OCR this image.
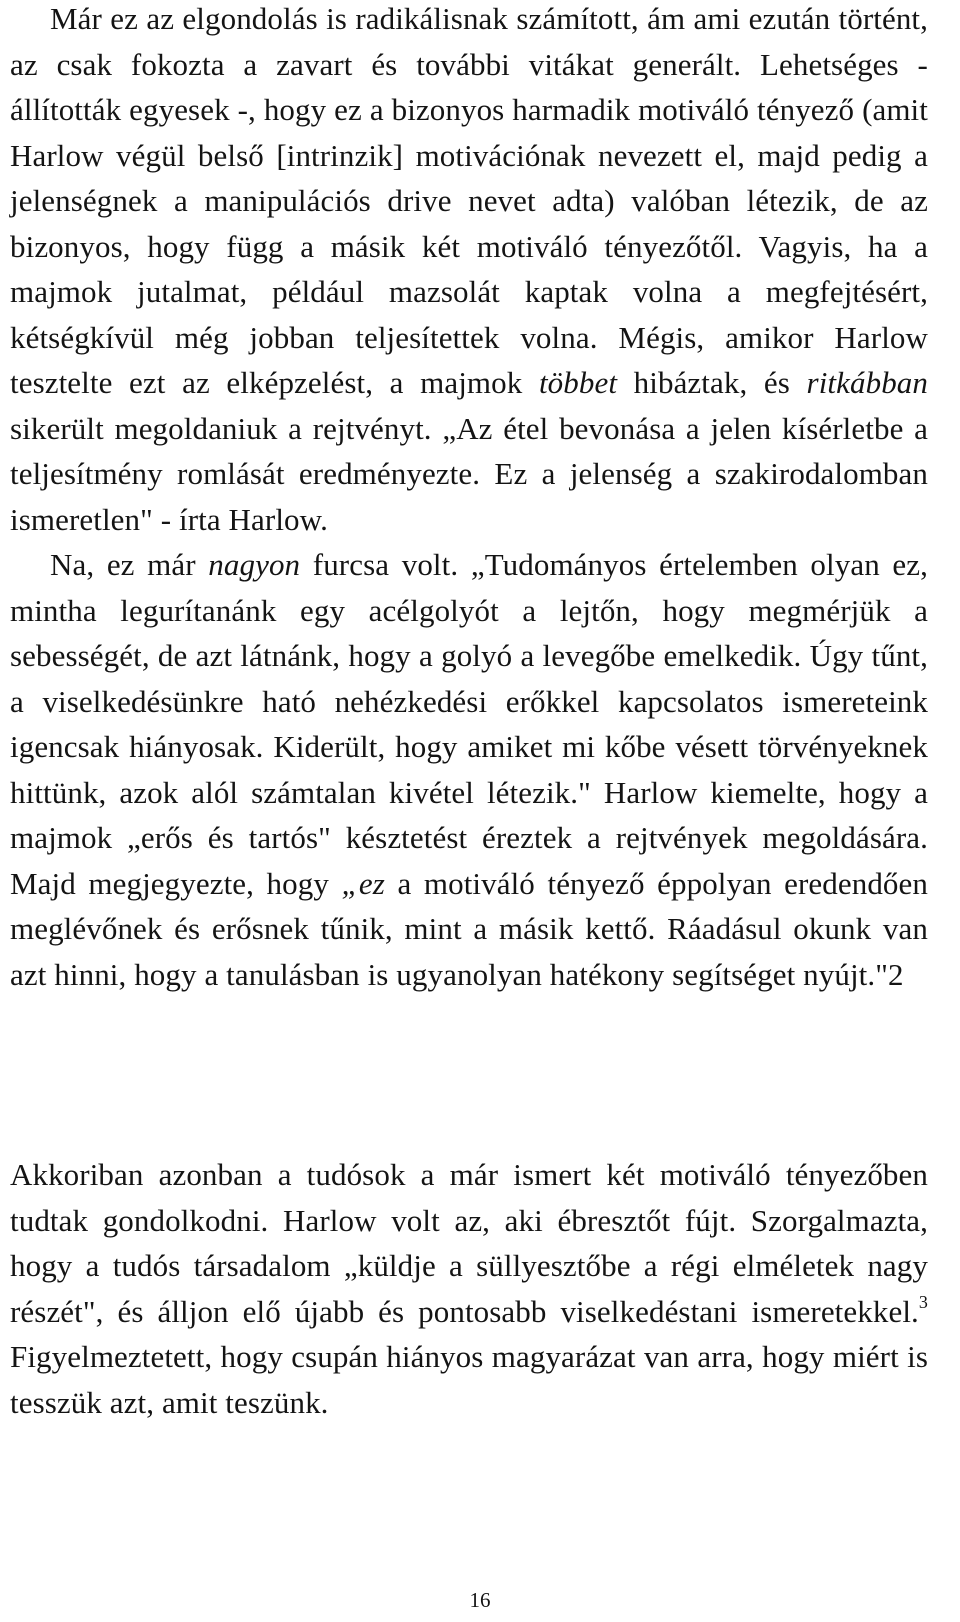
Már ez az elgondolás is radikálisnak számított, ám ami ezután történt, az csak fokozta a zavart és további vitákat generált. Lehetséges - állították egyesek -, hogy ez a bizonyos harmadik motiváló tényező (amit Harlow végül belső [intrinzik] motivációnak nevezett el, majd pedig a jelenségnek a manipulációs drive nevet adta) valóban létezik, de az bizonyos, hogy függ a másik két motiváló tényezőtől. Vagyis, ha a majmok jutalmat, például mazsolát kaptak volna a megfejtésért, kétségkívül még jobban teljesítettek volna. Mégis, amikor Harlow tesztelte ezt az elképzelést, a majmok többet hibáztak, és ritkábban sikerült megoldaniuk a rejtvényt. „Az étel bevonása a jelen kísérletbe a teljesítmény romlását eredményezte. Ez a jelenség a szakirodalomban ismeretlen" - írta Harlow.

Na, ez már nagyon furcsa volt. „Tudományos értelemben olyan ez, mintha legurítanánk egy acélgolyót a lejtőn, hogy megmérjük a sebességét, de azt látnánk, hogy a golyó a levegőbe emelkedik. Úgy tűnt, a viselkedésünkre ható nehézkedési erőkkel kapcsolatos ismereteink igencsak hiányosak. Kiderült, hogy amiket mi kőbe vésett törvényeknek hittünk, azok alól számtalan kivétel létezik." Harlow kiemelte, hogy a majmok „erős és tartós" késztetést éreztek a rejtvények megoldására. Majd megjegyezte, hogy „ez a motiváló tényező éppolyan eredendően meglévőnek és erősnek tűnik, mint a másik kettő. Ráadásul okunk van azt hinni, hogy a tanulásban is ugyanolyan hatékony segítséget nyújt."2

Akkoriban azonban a tudósok a már ismert két motiváló tényezőben tudtak gondolkodni. Harlow volt az, aki ébresztőt fújt. Szorgalmazta, hogy a tudós társadalom „küldje a süllyesztőbe a régi elméletek nagy részét", és álljon elő újabb és pontosabb viselkedéstani ismeretekkel.$^3$ Figyelmeztetett, hogy csupán hiányos magyarázat van arra, hogy miért is tesszük azt, amit teszünk.

16
